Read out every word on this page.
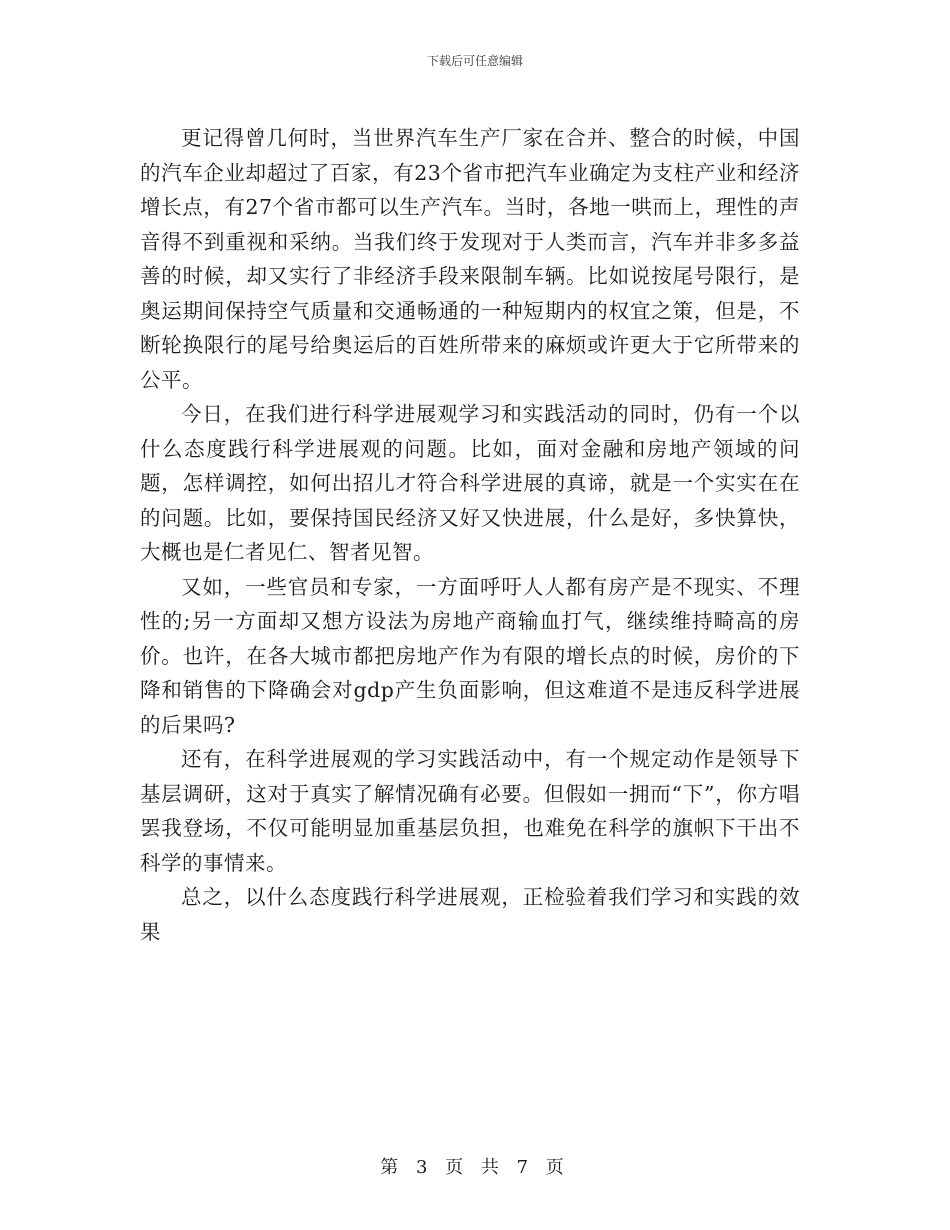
下载后可任意编辑

更记得曾几何时，当世界汽车生产厂家在合并、整合的时候，中国的汽车企业却超过了百家，有23个省市把汽车业确定为支柱产业和经济增长点，有27个省市都可以生产汽车。当时，各地一哄而上，理性的声音得不到重视和采纳。当我们终于发现对于人类而言，汽车并非多多益善的时候，却又实行了非经济手段来限制车辆。比如说按尾号限行，是奥运期间保持空气质量和交通畅通的一种短期内的权宜之策，但是，不断轮换限行的尾号给奥运后的百姓所带来的麻烦或许更大于它所带来的公平。

今日，在我们进行科学进展观学习和实践活动的同时，仍有一个以什么态度践行科学进展观的问题。比如，面对金融和房地产领域的问题，怎样调控，如何出招儿才符合科学进展的真谛，就是一个实实在在的问题。比如，要保持国民经济又好又快进展，什么是好，多快算快，大概也是仁者见仁、智者见智。

又如，一些官员和专家，一方面呼吁人人都有房产是不现实、不理性的;另一方面却又想方设法为房地产商输血打气，继续维持畸高的房价。也许，在各大城市都把房地产作为有限的增长点的时候，房价的下降和销售的下降确会对gdp产生负面影响，但这难道不是违反科学进展的后果吗?

还有，在科学进展观的学习实践活动中，有一个规定动作是领导下基层调研，这对于真实了解情况确有必要。但假如一拥而“下”，你方唱罢我登场，不仅可能明显加重基层负担，也难免在科学的旗帜下干出不科学的事情来。

总之，以什么态度践行科学进展观，正检验着我们学习和实践的效果

第 3 页 共 7 页
